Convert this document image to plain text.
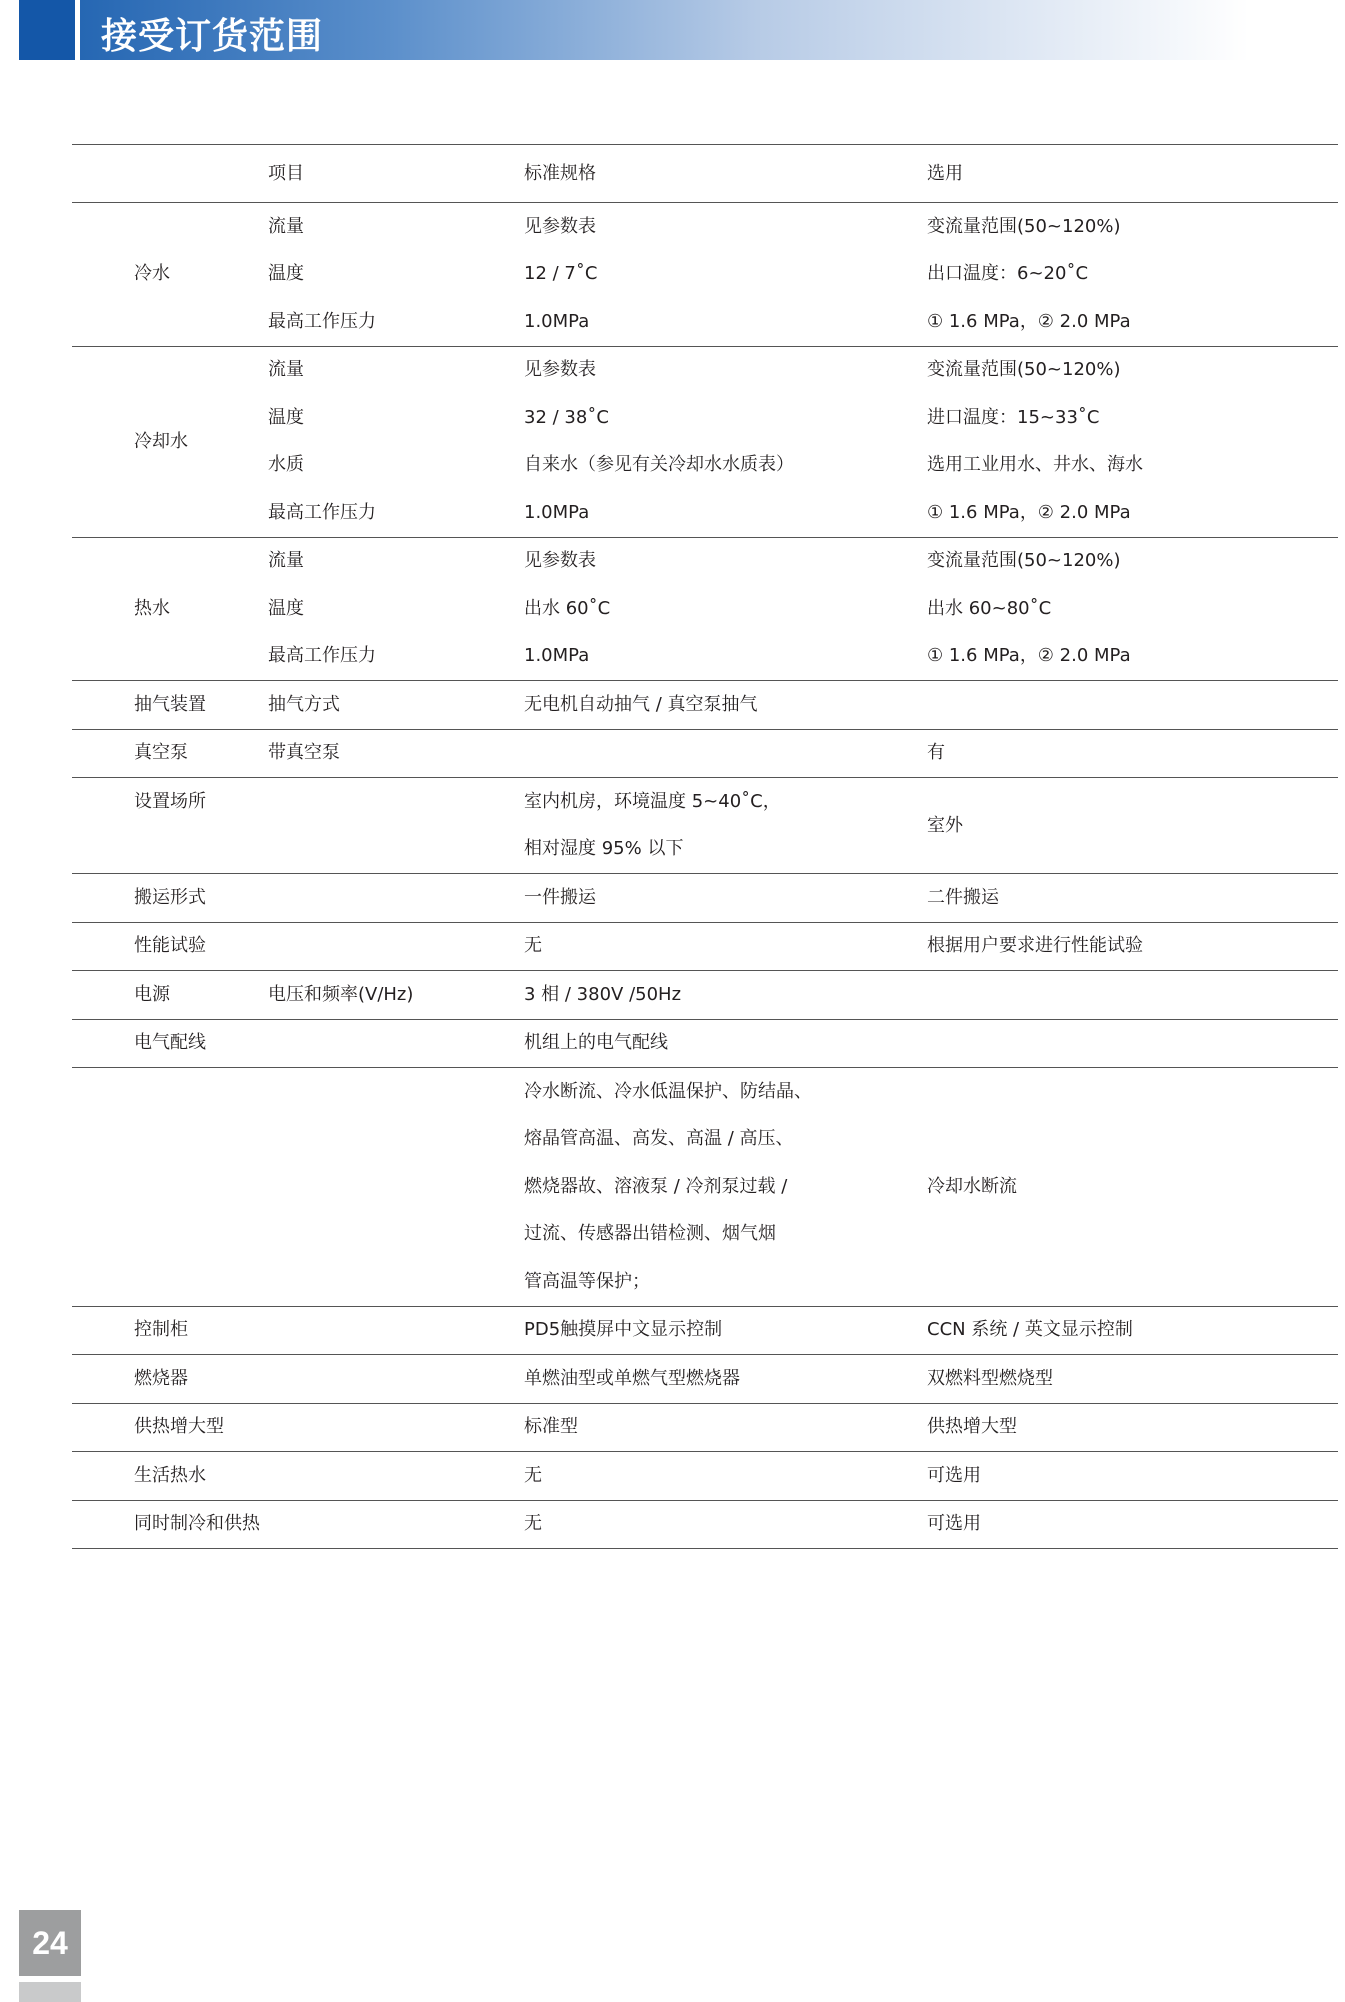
接受订货范围
	项目	标准规格	选用
冷水	流量	见参数表	变流量范围(50~120%)
	温度	12 / 7˚C	出口温度：6~20˚C
	最高工作压力	1.0MPa	① 1.6 MPa，② 2.0 MPa
冷却水	流量	见参数表	变流量范围(50~120%)
	温度	32 / 38˚C	进口温度：15~33˚C
	水质	自来水（参见有关冷却水水质表）	选用工业用水、井水、海水
	最高工作压力	1.0MPa	① 1.6 MPa，② 2.0 MPa
热水	流量	见参数表	变流量范围(50~120%)
	温度	出水 60˚C	出水 60~80˚C
	最高工作压力	1.0MPa	① 1.6 MPa，② 2.0 MPa
抽气装置	抽气方式	无电机自动抽气 / 真空泵抽气	
真空泵	带真空泵		有
设置场所		室内机房，环境温度 5~40˚C，	室外
		相对湿度 95% 以下	
搬运形式		一件搬运	二件搬运
性能试验		无	根据用户要求进行性能试验
电源	电压和频率(V/Hz)	3 相 / 380V /50Hz	
电气配线		机组上的电气配线	
		冷水断流、冷水低温保护、防结晶、	冷却水断流
		熔晶管高温、高发、高温 / 高压、	
		燃烧器故、溶液泵 / 冷剂泵过载 /	
		过流、传感器出错检测、烟气烟	
		管高温等保护；	
控制柜		PD5触摸屏中文显示控制	CCN 系统 / 英文显示控制
燃烧器		单燃油型或单燃气型燃烧器	双燃料型燃烧型
供热增大型		标准型	供热增大型
生活热水		无	可选用
同时制冷和供热		无	可选用
24
